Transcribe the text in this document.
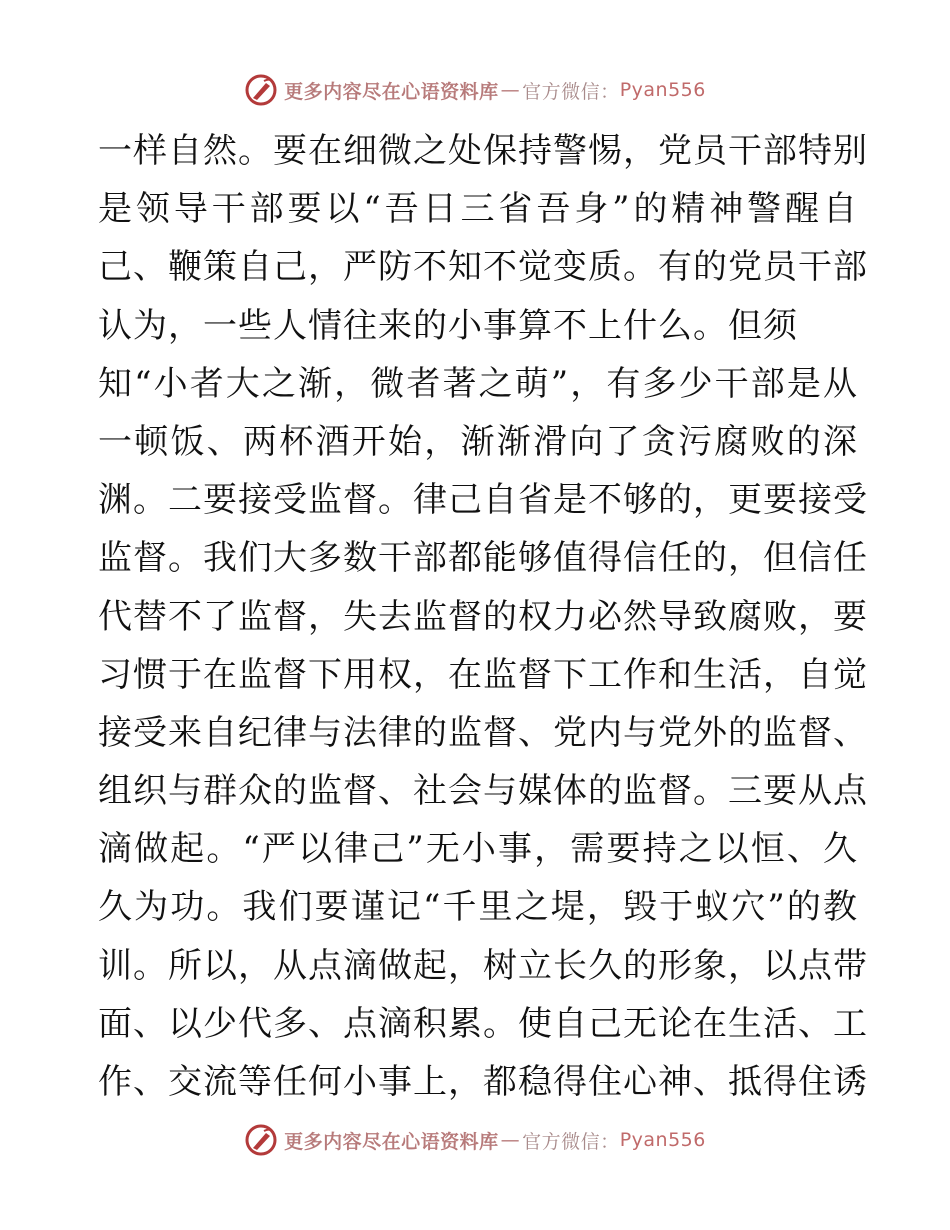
更多内容尽在心语资料库 — 官方微信： Pyan556
一样自然。要在细微之处保持警惕，党员干部特别
是领导干部要以“吾日三省吾身”的精神警醒自
己、鞭策自己，严防不知不觉变质。有的党员干部
认为，一些人情往来的小事算不上什么。但须
知“小者大之渐，微者著之萌”，有多少干部是从
一顿饭、两杯酒开始，渐渐滑向了贪污腐败的深
渊。二要接受监督。律己自省是不够的，更要接受
监督。我们大多数干部都能够值得信任的，但信任
代替不了监督，失去监督的权力必然导致腐败，要
习惯于在监督下用权，在监督下工作和生活，自觉
接受来自纪律与法律的监督、党内与党外的监督、
组织与群众的监督、社会与媒体的监督。三要从点
滴做起。“严以律己”无小事，需要持之以恒、久
久为功。我们要谨记“千里之堤，毁于蚁穴”的教
训。所以，从点滴做起，树立长久的形象，以点带
面、以少代多、点滴积累。使自己无论在生活、工
作、交流等任何小事上，都稳得住心神、抵得住诱
更多内容尽在心语资料库 — 官方微信： Pyan556
